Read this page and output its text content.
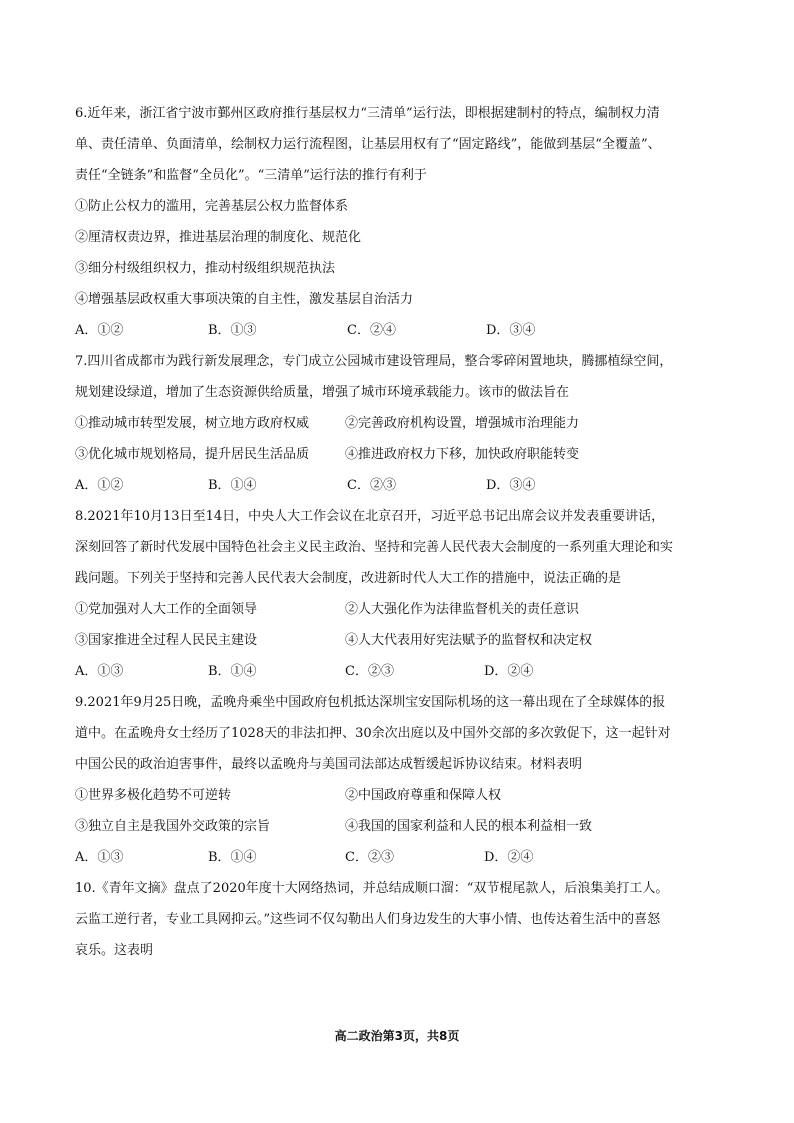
6.近年来，浙江省宁波市鄞州区政府推行基层权力“三清单”运行法，即根据建制村的特点，编制权力清
单、责任清单、负面清单，绘制权力运行流程图，让基层用权有了“固定路线”，能做到基层“全覆盖”、
责任“全链条”和监督“全员化”。“三清单”运行法的推行有利于
①防止公权力的滥用，完善基层公权力监督体系
②厘清权责边界，推进基层治理的制度化、规范化
③细分村级组织权力，推动村级组织规范执法
④增强基层政权重大事项决策的自主性，激发基层自治活力
A．①②	B．①③	C．②④	D．③④
7.四川省成都市为践行新发展理念，专门成立公园城市建设管理局，整合零碎闲置地块，腾挪植绿空间，
规划建设绿道，增加了生态资源供给质量，增强了城市环境承载能力。该市的做法旨在
①推动城市转型发展，树立地方政府权威	②完善政府机构设置，增强城市治理能力
③优化城市规划格局，提升居民生活品质	④推进政府权力下移，加快政府职能转变
A．①②	B．①④	C．②③	D．③④
8.2021年10月13日至14日，中央人大工作会议在北京召开，习近平总书记出席会议并发表重要讲话，
深刻回答了新时代发展中国特色社会主义民主政治、坚持和完善人民代表大会制度的一系列重大理论和实
践问题。下列关于坚持和完善人民代表大会制度，改进新时代人大工作的措施中，说法正确的是
①党加强对人大工作的全面领导	②人大强化作为法律监督机关的责任意识
③国家推进全过程人民民主建设	④人大代表用好宪法赋予的监督权和决定权
A．①③	B．①④	C．②③	D．②④
9.2021年9月25日晚，孟晚舟乘坐中国政府包机抵达深圳宝安国际机场的这一幕出现在了全球媒体的报
道中。在孟晚舟女士经历了1028天的非法扣押、30余次出庭以及中国外交部的多次敦促下，这一起针对
中国公民的政治迫害事件，最终以孟晚舟与美国司法部达成暂缓起诉协议结束。材料表明
①世界多极化趋势不可逆转	②中国政府尊重和保障人权
③独立自主是我国外交政策的宗旨	④我国的国家利益和人民的根本利益相一致
A．①③	B．①④	C．②③	D．②④
10.《青年文摘》盘点了2020年度十大网络热词，并总结成顺口溜：“双节棍尾款人，后浪集美打工人。
云监工逆行者，专业工具网抑云。”这些词不仅勾勒出人们身边发生的大事小情、也传达着生活中的喜怒
哀乐。这表明
高二政治第3页，共8页
